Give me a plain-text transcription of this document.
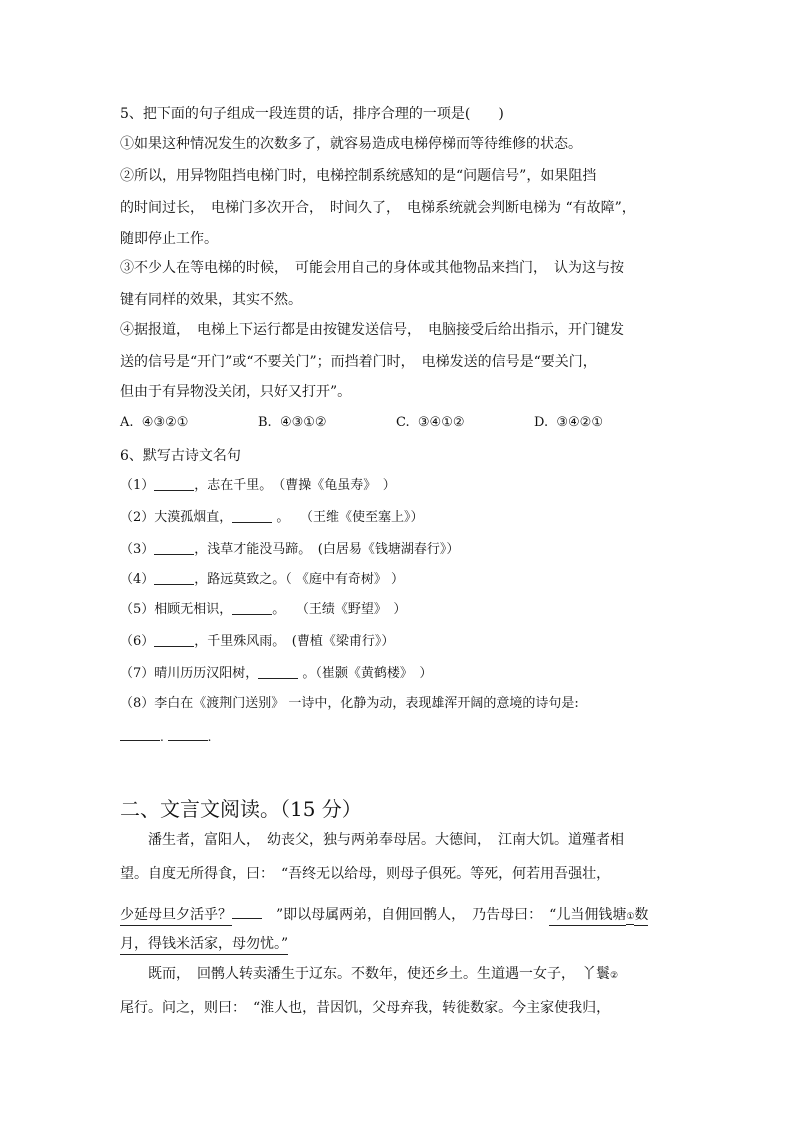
5、把下面的句子组成一段连贯的话，排序合理的一项是(　　)
①如果这种情况发生的次数多了，就容易造成电梯停梯而等待维修的状态。
②所以，用异物阻挡电梯门时，电梯控制系统感知的是“问题信号”，如果阻挡
的时间过长，　电梯门多次开合，　时间久了，　电梯系统就会判断电梯为 “有故障”，
随即停止工作。
③不少人在等电梯的时候，　可能会用自己的身体或其他物品来挡门，　认为这与按
键有同样的效果，其实不然。
④据报道，　电梯上下运行都是由按键发送信号，　电脑接受后给出指示，开门键发
送的信号是“开门”或“不要关门”；而挡着门时，　电梯发送的信号是“要关门，
但由于有异物没关闭，只好又打开”。
A. ④③②①	B. ④③①②	C. ③④①②	D. ③④②①
6、默写古诗文名句
（1）	，志在千里。　（曹操《龟虽寿》　）
（2）大漠孤烟直，	。　 （王维《使至塞上》）
（3）	，浅草才能没马蹄。　(白居易《钱塘湖春行》）
（4）	，路远莫致之。（ 《庭中有奇树》 ）
（5）相顾无相识，	。　 （王绩《野望》　）
（6）	，千里殊风雨。　(曹植《梁甫行》）
（7）晴川历历汉阳树，	。（崔颢《黄鹤楼》　）
（8）李白在《渡荆门送别》 一诗中，化静为动，表现雄浑开阔的意境的诗句是:
.	.
二、文言文阅读。（15 分）
　　潘生者，富阳人，　幼丧父，独与两弟奉母居。大德间，　江南大饥。道殣者相
望。自度无所得食，曰：　“吾终无以给母，则母子俱死。等死，何若用吾强壮，
少延母旦夕活乎？　”即以母属两弟，自佣回鹘人，　乃告母曰：　“儿当佣钱塘①数
月，得钱米活家，母勿忧。”
　　既而，　回鹘人转卖潘生于辽东。不数年，使还乡土。生道遇一女子，　丫鬟②
尾行。问之，则曰：　“淮人也，昔因饥，父母弃我，转徙数家。今主家使我归，
